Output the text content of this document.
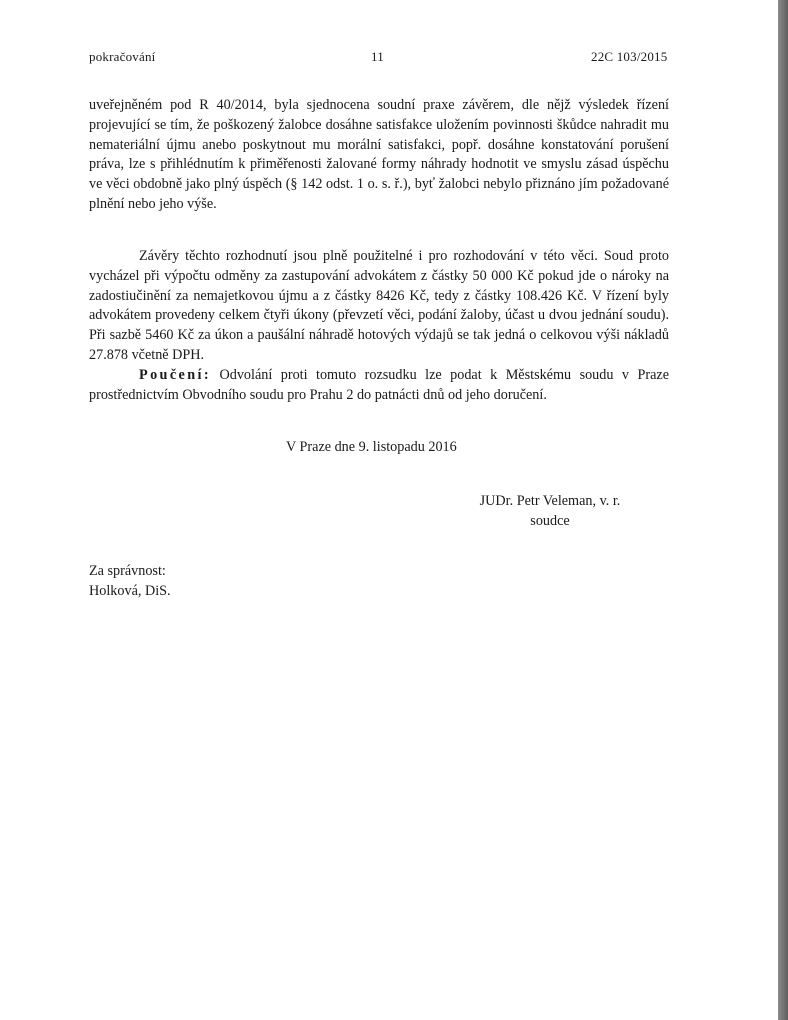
pokračování	11	22C 103/2015
uveřejněném pod R 40/2014, byla sjednocena soudní praxe závěrem, dle nějž výsledek řízení projevující se tím, že poškozený žalobce dosáhne satisfakce uložením povinnosti škůdce nahradit mu nemateriální újmu anebo poskytnout mu morální satisfakci, popř. dosáhne konstatování porušení práva, lze s přihlédnutím k přiměřenosti žalované formy náhrady hodnotit ve smyslu zásad úspěchu ve věci obdobně jako plný úspěch (§ 142 odst. 1 o. s. ř.), byť žalobci nebylo přiznáno jím požadované plnění nebo jeho výše.
Závěry těchto rozhodnutí jsou plně použitelné i pro rozhodování v této věci. Soud proto vycházel při výpočtu odměny za zastupování advokátem z částky 50 000 Kč pokud jde o nároky na zadostiučinění za nemajetkovou újmu a z částky 8426 Kč, tedy z částky 108.426 Kč. V řízení byly advokátem provedeny celkem čtyři úkony (převzetí věci, podání žaloby, účast u dvou jednání soudu). Při sazbě 5460 Kč za úkon a paušální náhradě hotových výdajů se tak jedná o celkovou výši nákladů 27.878 včetně DPH.
Poučení: Odvolání proti tomuto rozsudku lze podat k Městskému soudu v Praze prostřednictvím Obvodního soudu pro Prahu 2 do patnácti dnů od jeho doručení.
V Praze dne 9. listopadu 2016
JUDr. Petr Veleman, v. r.
soudce
Za správnost:
Holková, DiS.
